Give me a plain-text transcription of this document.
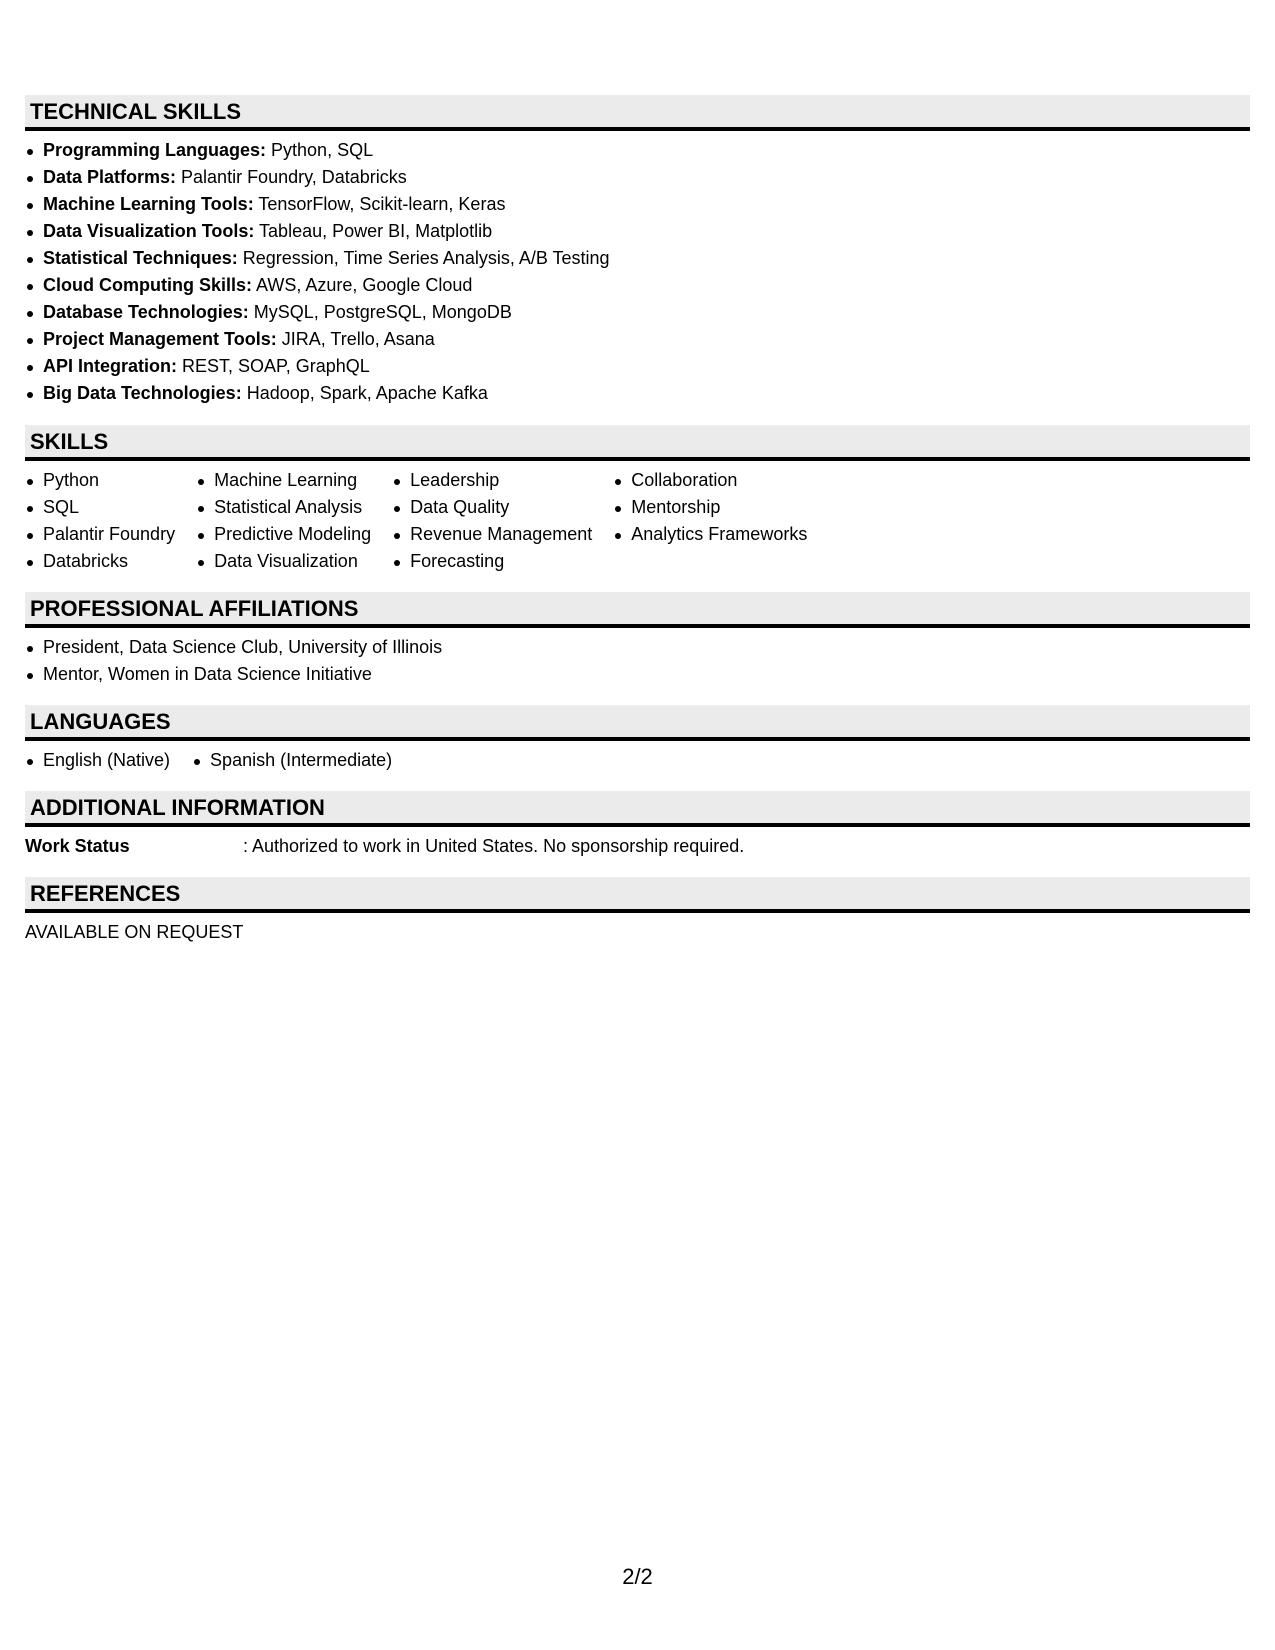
TECHNICAL SKILLS
Programming Languages: Python, SQL
Data Platforms: Palantir Foundry, Databricks
Machine Learning Tools: TensorFlow, Scikit-learn, Keras
Data Visualization Tools: Tableau, Power BI, Matplotlib
Statistical Techniques: Regression, Time Series Analysis, A/B Testing
Cloud Computing Skills: AWS, Azure, Google Cloud
Database Technologies: MySQL, PostgreSQL, MongoDB
Project Management Tools: JIRA, Trello, Asana
API Integration: REST, SOAP, GraphQL
Big Data Technologies: Hadoop, Spark, Apache Kafka
SKILLS
Python
SQL
Palantir Foundry
Databricks
Machine Learning
Statistical Analysis
Predictive Modeling
Data Visualization
Leadership
Data Quality
Revenue Management
Forecasting
Collaboration
Mentorship
Analytics Frameworks
PROFESSIONAL AFFILIATIONS
President, Data Science Club, University of Illinois
Mentor, Women in Data Science Initiative
LANGUAGES
English (Native)	Spanish (Intermediate)
ADDITIONAL INFORMATION
Work Status	: Authorized to work in United States. No sponsorship required.
REFERENCES
AVAILABLE ON REQUEST
2/2
